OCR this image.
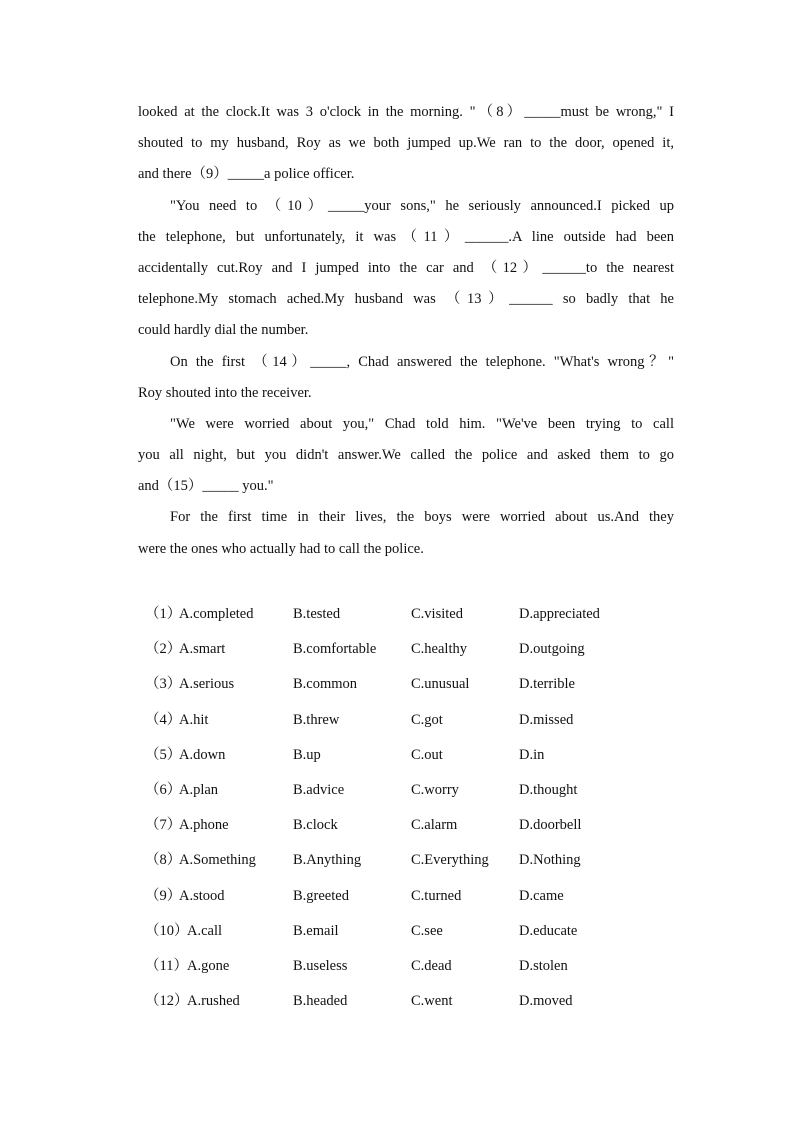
looked at the clock.It was 3 o'clock in the morning. "（8）_____must be wrong," I
shouted to my husband, Roy as we both jumped up.We ran to the door, opened it,
and there（9）_____a police officer.
"You need to （10）_____your sons," he seriously announced.I picked up
the telephone, but unfortunately, it was（11）______.A line outside had been
accidentally cut.Roy and I jumped into the car and （12）______to the nearest
telephone.My stomach ached.My husband was （13）______ so badly that he
could hardly dial the number.
On the first （14）_____, Chad answered the telephone. "What's wrong？"
Roy shouted into the receiver.
"We were worried about you," Chad told him. "We've been trying to call
you all night, but you didn't answer.We called the police and asked them to go
and（15）_____ you."
For the first time in their lives, the boys were worried about us.And they
were the ones who actually had to call the police.
（1）
A.completed	B.tested	C.visited	D.appreciated
（2）
A.smart	B.comfortable C.healthy	D.outgoing
（3）
A.serious	B.common	C.unusual	D.terrible
（4）
A.hit	B.threw	C.got	D.missed
（5）
A.down	B.up	C.out	D.in
（6）
A.plan	B.advice	C.worry	D.thought
（7）
A.phone	B.clock	C.alarm	D.doorbell
（8）
A.Something	B.Anything	C.Everything D.Nothing
（9）
A.stood	B.greeted	C.turned	D.came
（10）
A.call	B.email	C.see	D.educate
（11） A.gone	B.useless	C.dead	D.stolen
（12）
A.rushed	B.headed	C.went	D.moved
